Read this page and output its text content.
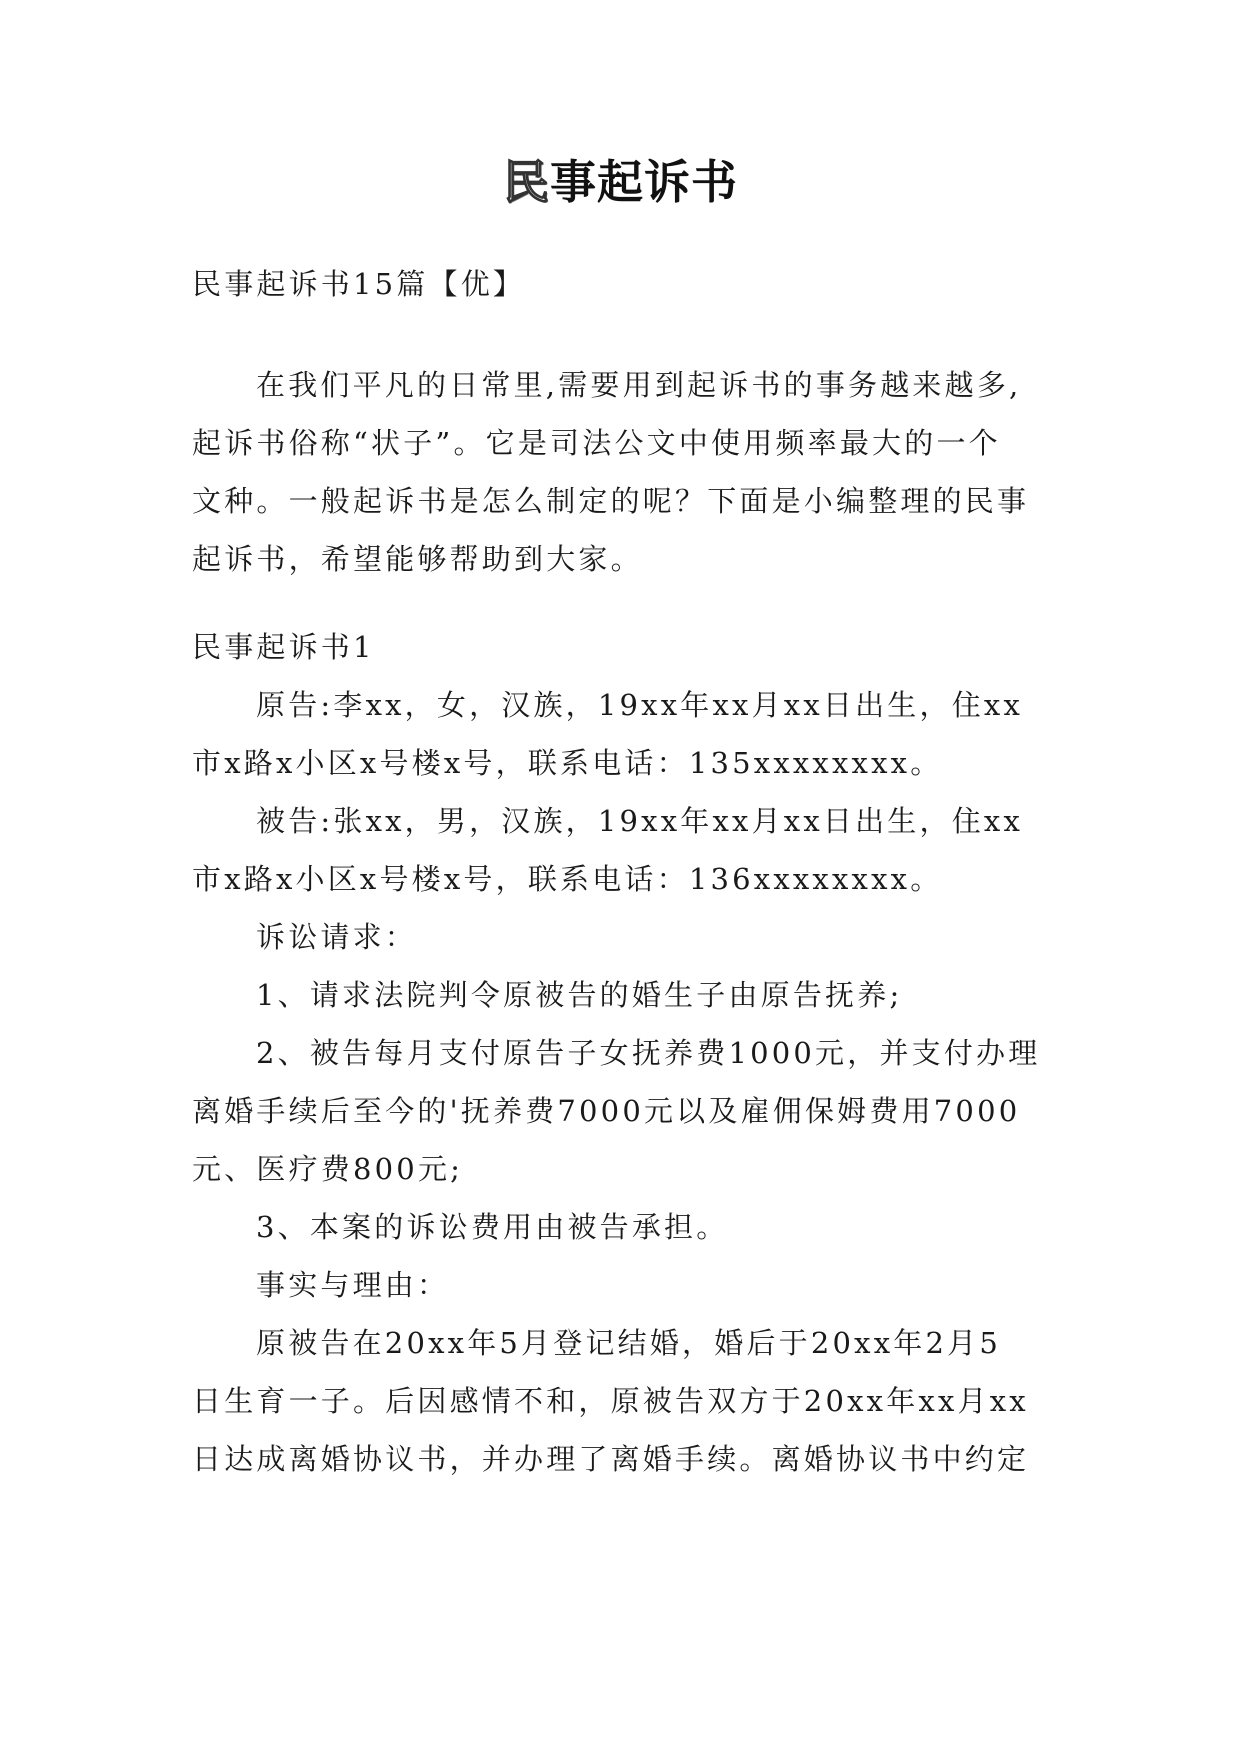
民事起诉书
民事起诉书15篇【优】
在我们平凡的日常里,需要用到起诉书的事务越来越多,
起诉书俗称“状子”。它是司法公文中使用频率最大的一个
文种。一般起诉书是怎么制定的呢？下面是小编整理的民事
起诉书，希望能够帮助到大家。
民事起诉书1
原告:李xx，女，汉族，19xx年xx月xx日出生，住xx
市x路x小区x号楼x号，联系电话：135xxxxxxxx。
被告:张xx，男，汉族，19xx年xx月xx日出生，住xx
市x路x小区x号楼x号，联系电话：136xxxxxxxx。
诉讼请求：
1、请求法院判令原被告的婚生子由原告抚养;
2、被告每月支付原告子女抚养费1000元，并支付办理
离婚手续后至今的'抚养费7000元以及雇佣保姆费用7000
元、医疗费800元;
3、本案的诉讼费用由被告承担。
事实与理由：
原被告在20xx年5月登记结婚，婚后于20xx年2月5
日生育一子。后因感情不和，原被告双方于20xx年xx月xx
日达成离婚协议书，并办理了离婚手续。离婚协议书中约定
